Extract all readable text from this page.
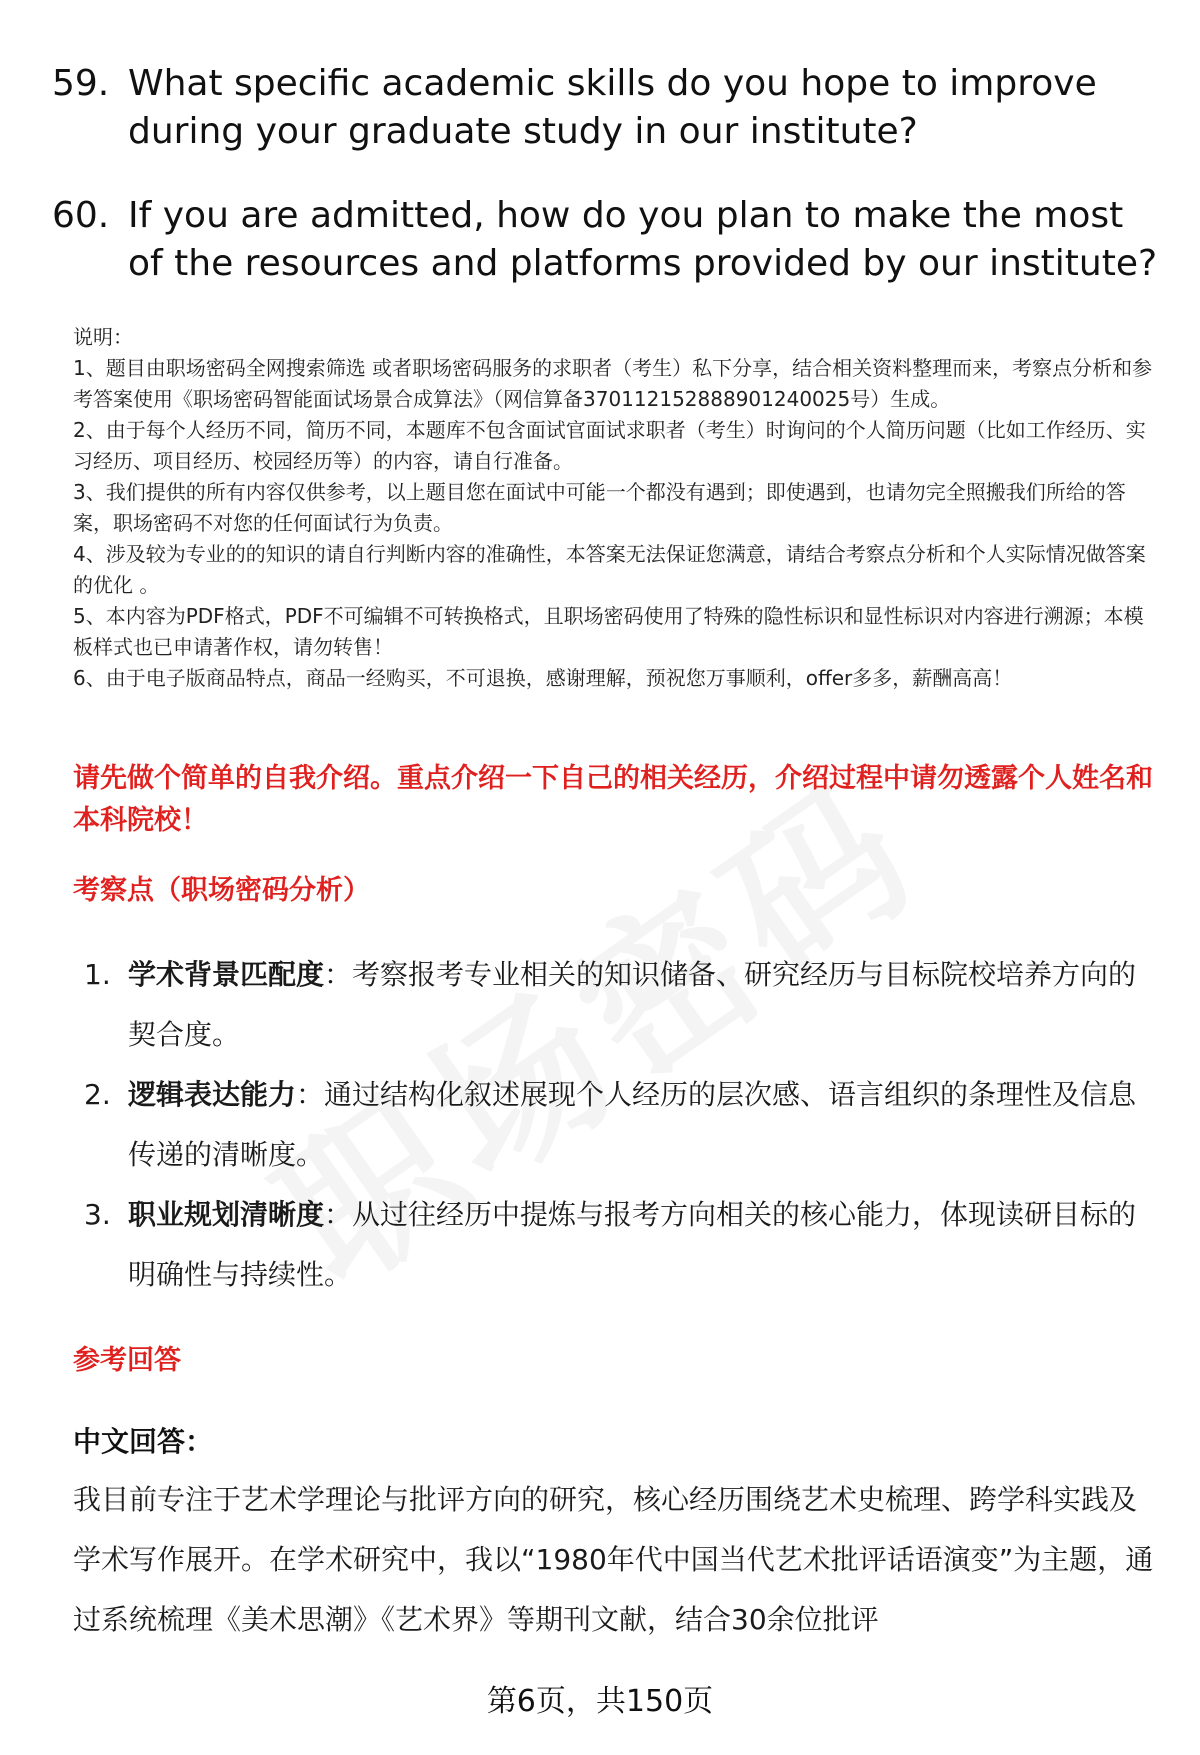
59. What specific academic skills do you hope to improve during your graduate study in our institute?
60. If you are admitted, how do you plan to make the most of the resources and platforms provided by our institute?

说明：

1、题目由职场密码全网搜索筛选 或者职场密码服务的求职者（考生）私下分享，结合相关资料整理而来，考察点分析和参考答案使用《职场密码智能面试场景合成算法》（网信算备370112152888901240025号）生成。

2、由于每个人经历不同，简历不同，本题库不包含面试官面试求职者（考生）时询问的个人简历问题（比如工作经历、实习经历、项目经历、校园经历等）的内容，请自行准备。

3、我们提供的所有内容仅供参考，以上题目您在面试中可能一个都没有遇到；即使遇到，也请勿完全照搬我们所给的答案，职场密码不对您的任何面试行为负责。

4、涉及较为专业的的知识的请自行判断内容的准确性，本答案无法保证您满意，请结合考察点分析和个人实际情况做答案的优化 。

5、本内容为PDF格式，PDF不可编辑不可转换格式，且职场密码使用了特殊的隐性标识和显性标识对内容进行溯源；本模板样式也已申请著作权，请勿转售！

6、由于电子版商品特点，商品一经购买，不可退换，感谢理解，预祝您万事顺利，offer多多，薪酬高高！

请先做个简单的自我介绍。重点介绍一下自己的相关经历，介绍过程中请勿透露个人姓名和本科院校！
考察点（职场密码分析）
1. 学术背景匹配度：考察报考专业相关的知识储备、研究经历与目标院校培养方向的契合度。
2. 逻辑表达能力：通过结构化叙述展现个人经历的层次感、语言组织的条理性及信息传递的清晰度。
3. 职业规划清晰度：从过往经历中提炼与报考方向相关的核心能力，体现读研目标的明确性与持续性。
参考回答
中文回答：
我目前专注于艺术学理论与批评方向的研究，核心经历围绕艺术史梳理、跨学科实践及学术写作展开。在学术研究中，我以“1980年代中国当代艺术批评话语演变”为主题，通过系统梳理《美术思潮》《艺术界》等期刊文献，结合30余位批评
第6页，共150页
